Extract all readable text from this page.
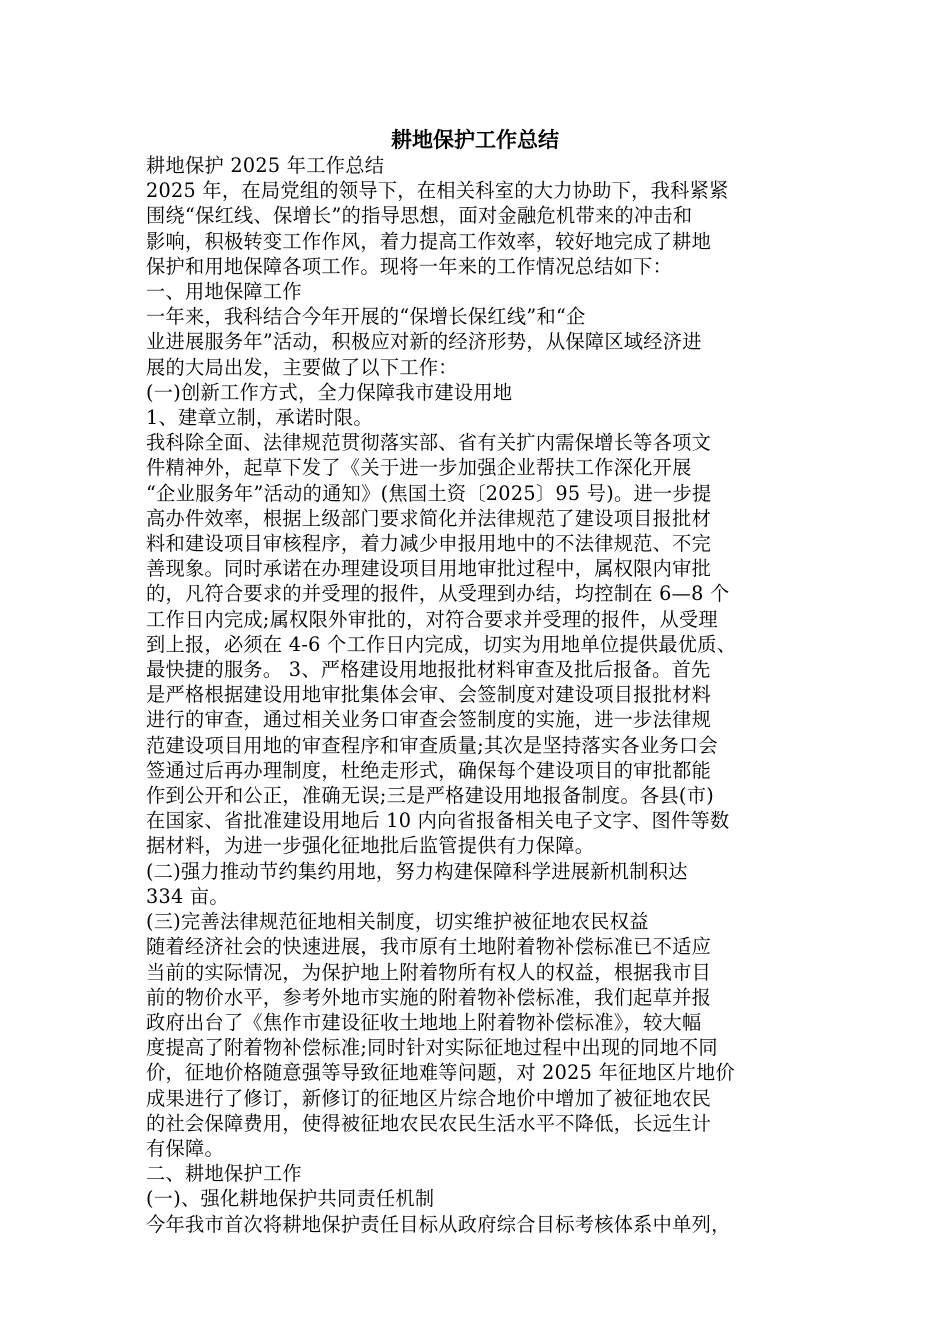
耕地保护工作总结
耕地保护 2025 年工作总结
2025 年，在局党组的领导下，在相关科室的大力协助下，我科紧紧
围绕“保红线、保增长”的指导思想，面对金融危机带来的冲击和
影响，积极转变工作作风，着力提高工作效率，较好地完成了耕地
保护和用地保障各项工作。现将一年来的工作情况总结如下：
一、用地保障工作
一年来，我科结合今年开展的“保增长保红线”和“企
业进展服务年”活动，积极应对新的经济形势，从保障区域经济进
展的大局出发，主要做了以下工作：
(一)创新工作方式，全力保障我市建设用地
1、建章立制，承诺时限。
我科除全面、法律规范贯彻落实部、省有关扩内需保增长等各项文
件精神外，起草下发了《关于进一步加强企业帮扶工作深化开展
“企业服务年”活动的通知》(焦国土资〔2025〕95 号)。进一步提
高办件效率，根据上级部门要求简化并法律规范了建设项目报批材
料和建设项目审核程序，着力减少申报用地中的不法律规范、不完
善现象。同时承诺在办理建设项目用地审批过程中，属权限内审批
的，凡符合要求的并受理的报件，从受理到办结，均控制在 6—8 个
工作日内完成;属权限外审批的，对符合要求并受理的报件，从受理
到上报，必须在 4-6 个工作日内完成，切实为用地单位提供最优质、
最快捷的服务。 3、严格建设用地报批材料审查及批后报备。首先
是严格根据建设用地审批集体会审、会签制度对建设项目报批材料
进行的审查，通过相关业务口审查会签制度的实施，进一步法律规
范建设项目用地的审查程序和审查质量;其次是坚持落实各业务口会
签通过后再办理制度，杜绝走形式，确保每个建设项目的审批都能
作到公开和公正，准确无误;三是严格建设用地报备制度。各县(市)
在国家、省批准建设用地后 10 内向省报备相关电子文字、图件等数
据材料，为进一步强化征地批后监管提供有力保障。
(二)强力推动节约集约用地，努力构建保障科学进展新机制积达
334 亩。
(三)完善法律规范征地相关制度，切实维护被征地农民权益
随着经济社会的快速进展，我市原有土地附着物补偿标准已不适应
当前的实际情况，为保护地上附着物所有权人的权益，根据我市目
前的物价水平，参考外地市实施的附着物补偿标准，我们起草并报
政府出台了《焦作市建设征收土地地上附着物补偿标准》，较大幅
度提高了附着物补偿标准;同时针对实际征地过程中出现的同地不同
价，征地价格随意强等导致征地难等问题，对 2025 年征地区片地价
成果进行了修订，新修订的征地区片综合地价中增加了被征地农民
的社会保障费用，使得被征地农民农民生活水平不降低，长远生计
有保障。
二、耕地保护工作
(一)、强化耕地保护共同责任机制
今年我市首次将耕地保护责任目标从政府综合目标考核体系中单列，
